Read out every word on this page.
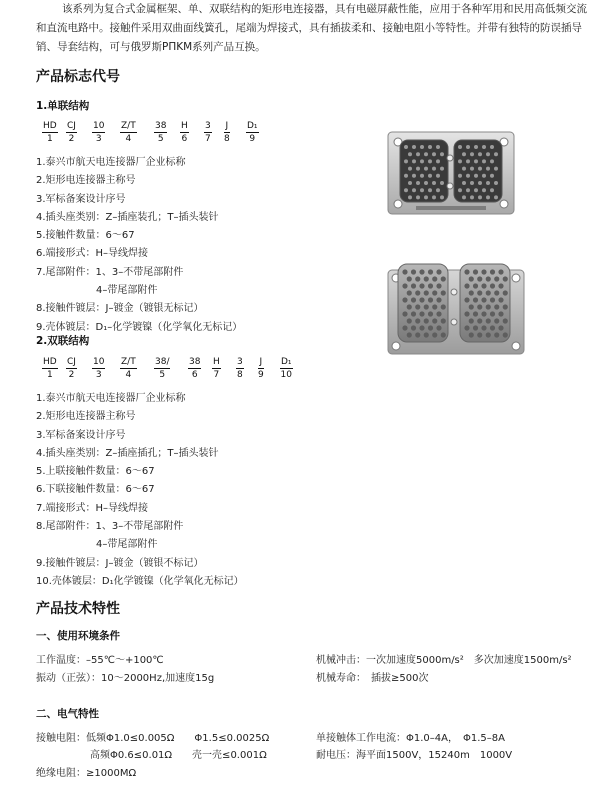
该系列为复合式金属框架、单、双联结构的矩形电连接器，具有电磁屏蔽性能，应用于各种军用和民用高低频交流
和直流电路中。接触件采用双曲面线簧孔，尾端为焊接式，具有插拔柔和、接触电阻小等特性。并带有独特的防误插导
销、导套结构，可与俄罗斯PΠKM系列产品互换。
产品标志代号
1.单联结构
HD
1
CJ
2
10
3
Z/T
4
38
5
H
6
3
7
J
8
D₁
9
1.泰兴市航天电连接器厂企业标称
2.矩形电连接器主称号
3.军标备案设计序号
4.插头座类别：Z–插座装孔；T–插头装针
5.接触件数量：6～67
6.端接形式：H–导线焊接
7.尾部附件：1、3–不带尾部附件
　　　　　　4–带尾部附件
8.接触件镀层：J–镀金（镀银无标记）
9.壳体镀层：D₁–化学镀镍（化学氧化无标记）
2.双联结构
HD
1
CJ
2
10
3
Z/T
4
38/
5
38
6
H
7
3
8
J
9
D₁
10
1.泰兴市航天电连接器厂企业标称
2.矩形电连接器主称号
3.军标备案设计序号
4.插头座类别：Z–插座插孔；T–插头装针
5.上联接触件数量：6～67
6.下联接触件数量：6～67
7.端接形式：H–导线焊接
8.尾部附件：1、3–不带尾部附件
　　　　　　4–带尾部附件
9.接触件镀层：J–镀金（镀银不标记）
10.壳体镀层：D₁化学镀镍（化学氧化无标记）
产品技术特性
一、使用环境条件
工作温度：–55℃～+100℃
振动（正弦）：10～2000Hz,加速度15g
机械冲击：一次加速度5000m/s²　多次加速度1500m/s²
机械寿命：　插拔≥500次
二、电气特性
接触电阻：低频Φ1.0≤0.005Ω　　Φ1.5≤0.0025Ω
高频Φ0.6≤0.01Ω　　壳一壳≤0.001Ω
单接触体工作电流：Φ1.0–4A，　Φ1.5–8A
耐电压：海平面1500V，15240m　1000V
绝缘电阻：≥1000MΩ
